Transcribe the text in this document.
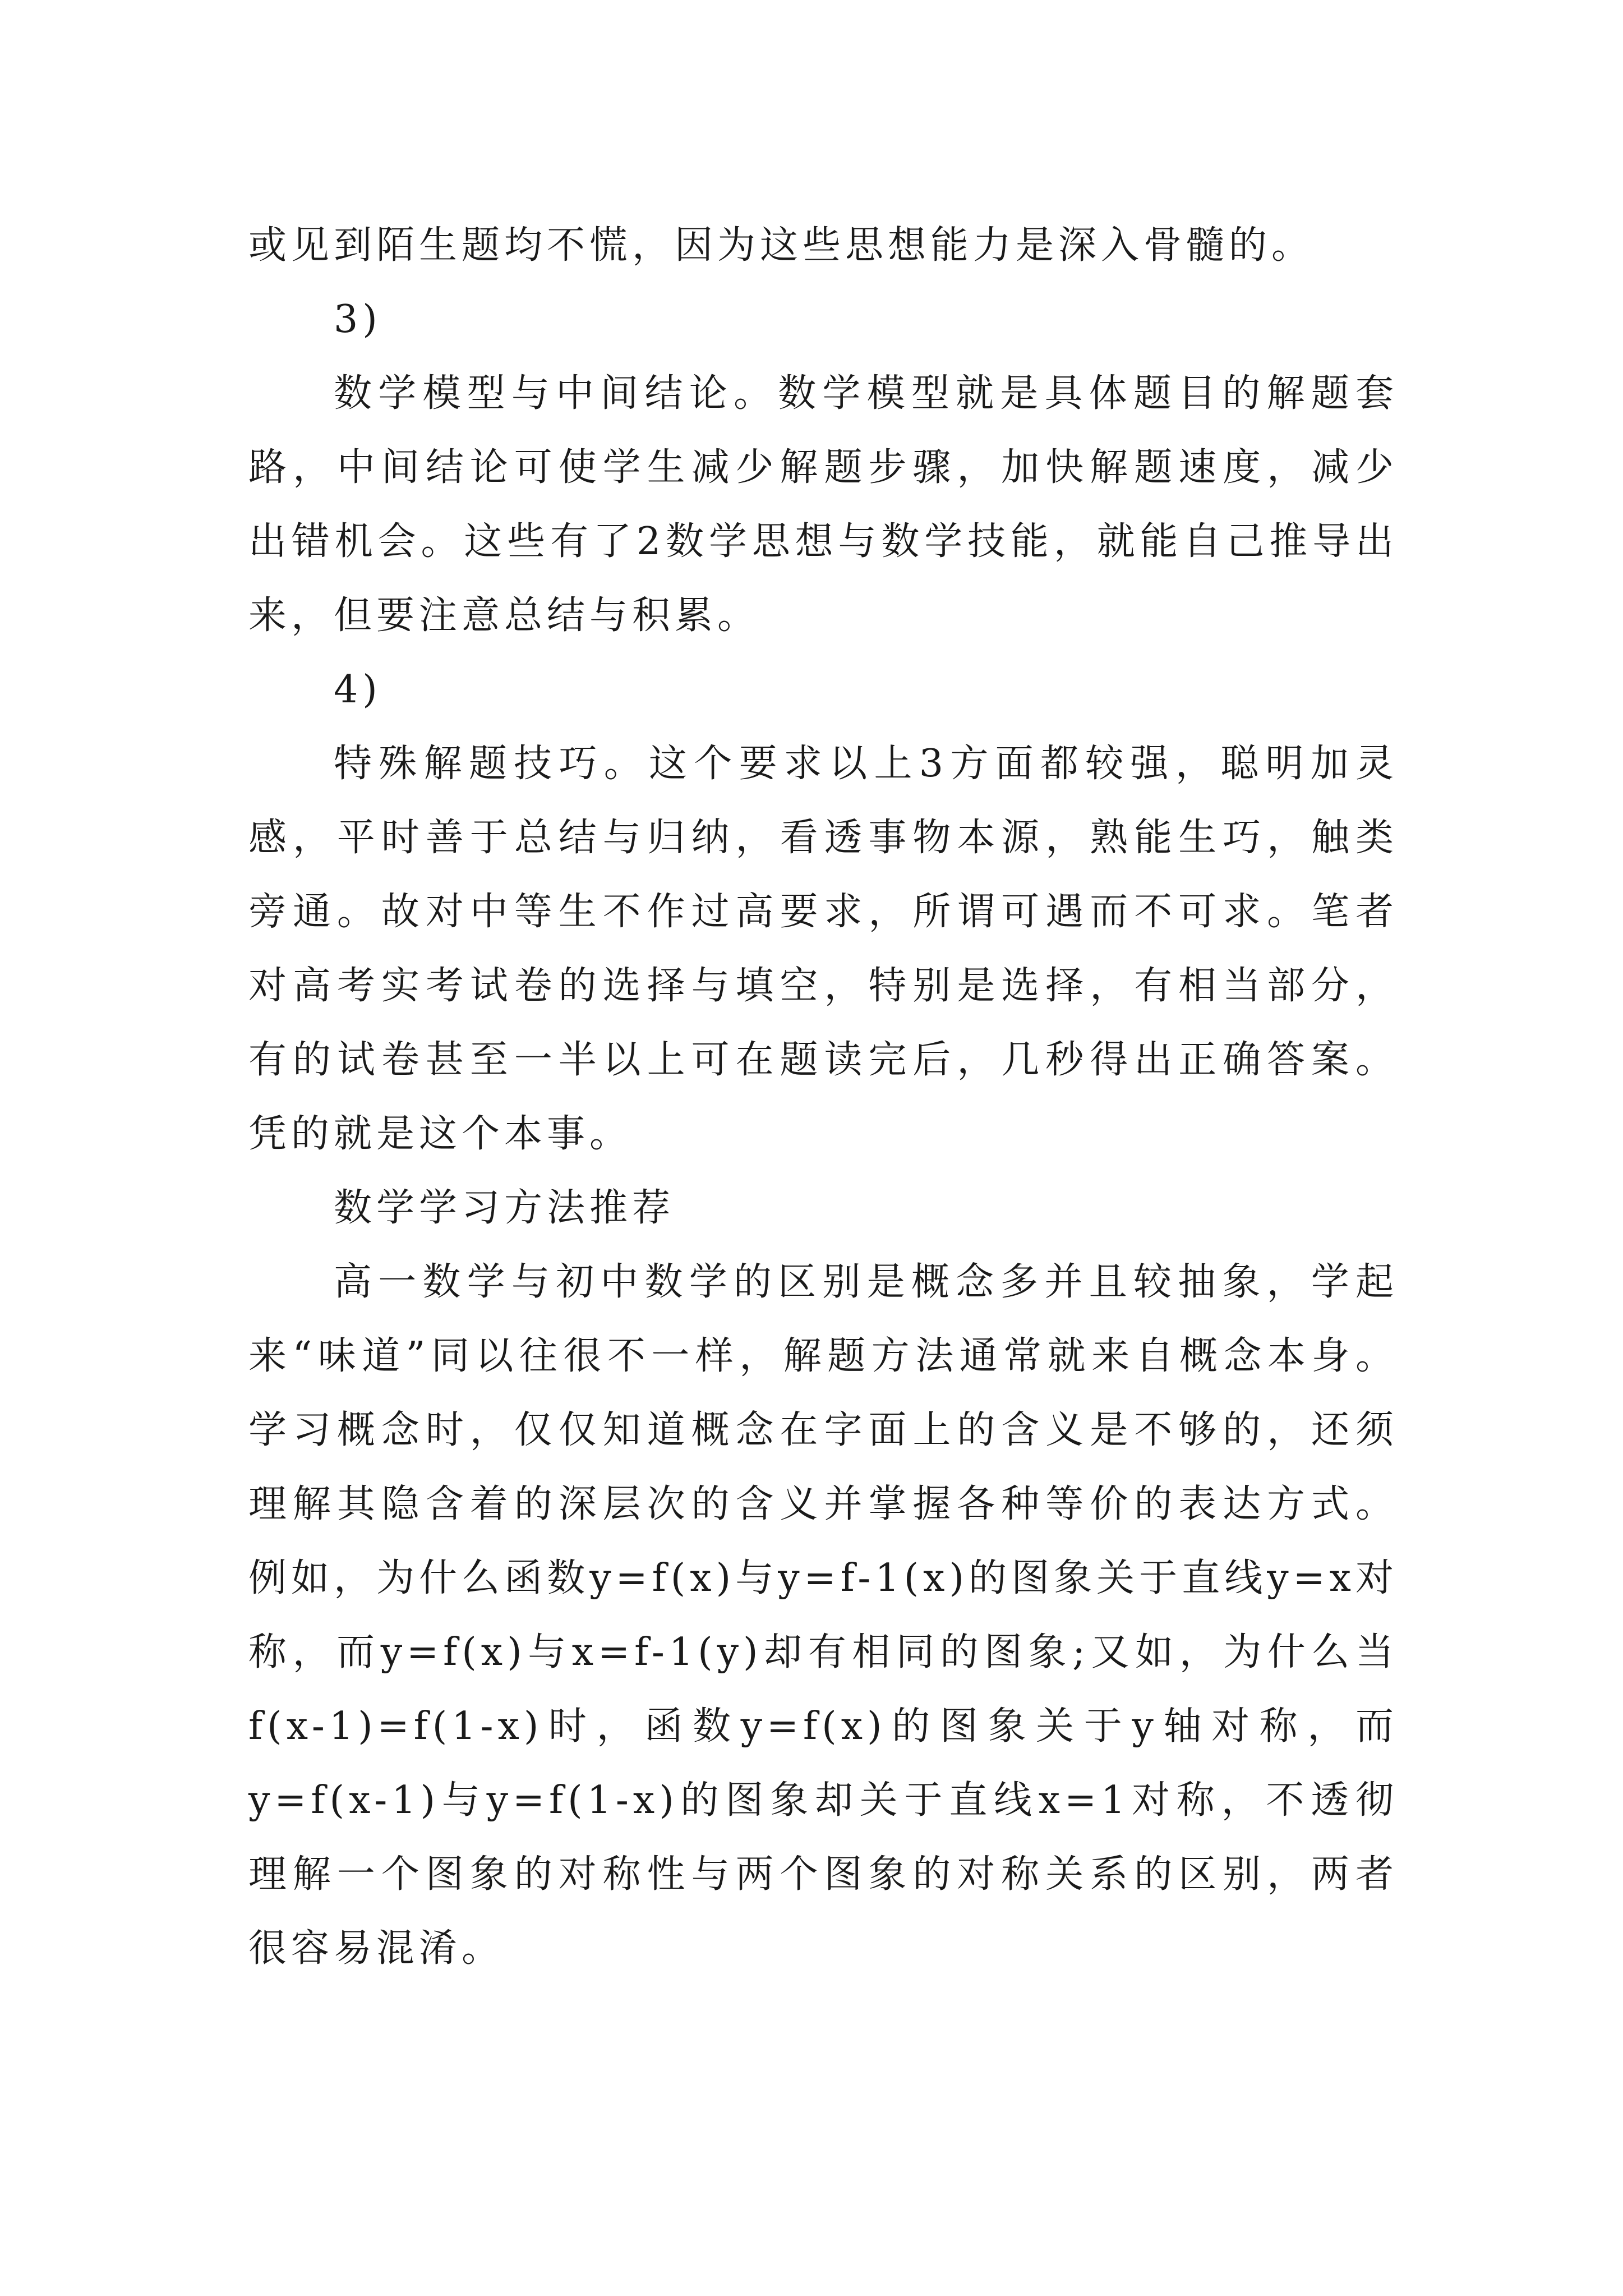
或见到陌生题均不慌，因为这些思想能力是深入骨髓的。

3)

数学模型与中间结论。数学模型就是具体题目的解题套路，中间结论可使学生减少解题步骤，加快解题速度，减少出错机会。这些有了2数学思想与数学技能，就能自己推导出来，但要注意总结与积累。

4)

特殊解题技巧。这个要求以上3方面都较强，聪明加灵感，平时善于总结与归纳，看透事物本源，熟能生巧，触类旁通。故对中等生不作过高要求，所谓可遇而不可求。笔者对高考实考试卷的选择与填空，特别是选择，有相当部分，有的试卷甚至一半以上可在题读完后，几秒得出正确答案。凭的就是这个本事。

数学学习方法推荐

高一数学与初中数学的区别是概念多并且较抽象，学起来“味道”同以往很不一样，解题方法通常就来自概念本身。学习概念时，仅仅知道概念在字面上的含义是不够的，还须理解其隐含着的深层次的含义并掌握各种等价的表达方式。例如，为什么函数y=f(x)与y=f-1(x)的图象关于直线y=x对称，而y=f(x)与x=f-1(y)却有相同的图象;又如，为什么当f(x-1)=f(1-x)时，函数y=f(x)的图象关于y轴对称，而y=f(x-1)与y=f(1-x)的图象却关于直线x=1对称，不透彻理解一个图象的对称性与两个图象的对称关系的区别，两者很容易混淆。
